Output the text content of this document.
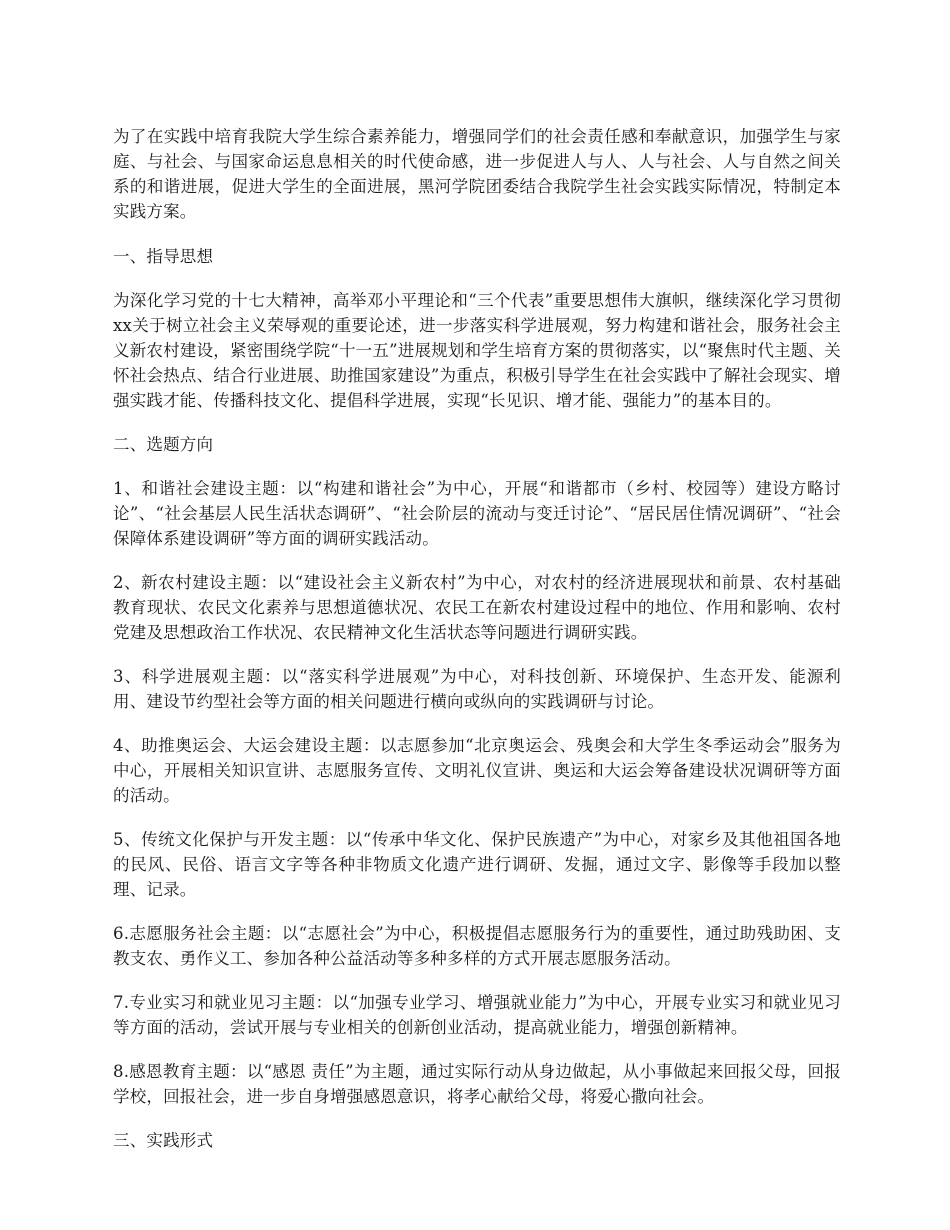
为了在实践中培育我院大学生综合素养能力，增强同学们的社会责任感和奉献意识，加强学生与家庭、与社会、与国家命运息息相关的时代使命感，进一步促进人与人、人与社会、人与自然之间关系的和谐进展，促进大学生的全面进展，黑河学院团委结合我院学生社会实践实际情况，特制定本实践方案。

一、指导思想

为深化学习党的十七大精神，高举邓小平理论和“三个代表”重要思想伟大旗帜，继续深化学习贯彻xx关于树立社会主义荣辱观的重要论述，进一步落实科学进展观，努力构建和谐社会，服务社会主义新农村建设，紧密围绕学院“十一五”进展规划和学生培育方案的贯彻落实，以“聚焦时代主题、关怀社会热点、结合行业进展、助推国家建设”为重点，积极引导学生在社会实践中了解社会现实、增强实践才能、传播科技文化、提倡科学进展，实现“长见识、增才能、强能力”的基本目的。

二、选题方向

1、和谐社会建设主题：以“构建和谐社会”为中心，开展“和谐都市（乡村、校园等）建设方略讨论”、“社会基层人民生活状态调研”、“社会阶层的流动与变迁讨论”、“居民居住情况调研”、“社会保障体系建设调研”等方面的调研实践活动。

2、新农村建设主题：以“建设社会主义新农村”为中心，对农村的经济进展现状和前景、农村基础教育现状、农民文化素养与思想道德状况、农民工在新农村建设过程中的地位、作用和影响、农村党建及思想政治工作状况、农民精神文化生活状态等问题进行调研实践。

3、科学进展观主题：以“落实科学进展观”为中心，对科技创新、环境保护、生态开发、能源利用、建设节约型社会等方面的相关问题进行横向或纵向的实践调研与讨论。

4、助推奥运会、大运会建设主题：以志愿参加“北京奥运会、残奥会和大学生冬季运动会”服务为中心，开展相关知识宣讲、志愿服务宣传、文明礼仪宣讲、奥运和大运会筹备建设状况调研等方面的活动。

5、传统文化保护与开发主题：以“传承中华文化、保护民族遗产”为中心，对家乡及其他祖国各地的民风、民俗、语言文字等各种非物质文化遗产进行调研、发掘，通过文字、影像等手段加以整理、记录。

6.志愿服务社会主题：以“志愿社会”为中心，积极提倡志愿服务行为的重要性，通过助残助困、支教支农、勇作义工、参加各种公益活动等多种多样的方式开展志愿服务活动。

7.专业实习和就业见习主题：以“加强专业学习、增强就业能力”为中心，开展专业实习和就业见习等方面的活动，尝试开展与专业相关的创新创业活动，提高就业能力，增强创新精神。

8.感恩教育主题：以“感恩 责任”为主题，通过实际行动从身边做起，从小事做起来回报父母，回报学校，回报社会，进一步自身增强感恩意识，将孝心献给父母，将爱心撒向社会。

三、实践形式
